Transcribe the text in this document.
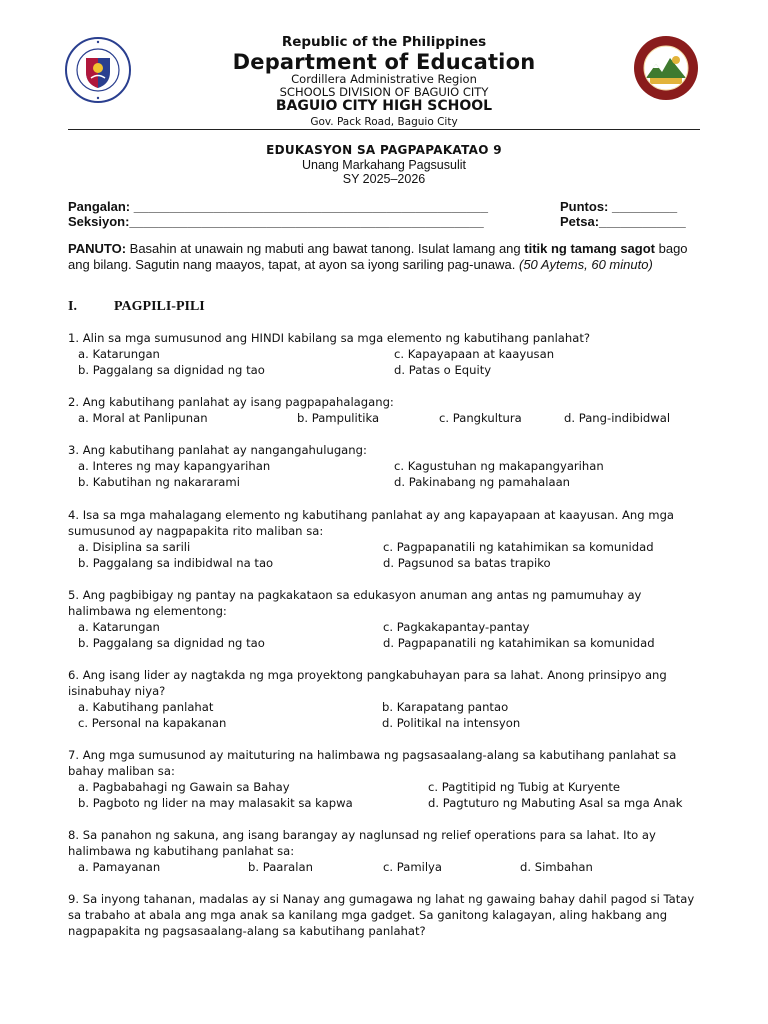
Republic of the Philippines
Department of Education
Cordillera Administrative Region
SCHOOLS DIVISION OF BAGUIO CITY
BAGUIO CITY HIGH SCHOOL
Gov. Pack Road, Baguio City
EDUKASYON SA PAGPAPAKATAO 9
Unang Markahang Pagsusulit
SY 2025–2026
Pangalan: _________________________________________________
Seksiyon:_________________________________________________
Puntos: _________
Petsa:____________
PANUTO: Basahin at unawain ng mabuti ang bawat tanong. Isulat lamang ang titik ng tamang sagot bago ang bilang. Sagutin nang maayos, tapat, at ayon sa iyong sariling pag-unawa. (50 Aytems, 60 minuto)
I.	PAGPILI-PILI
1. Alin sa mga sumusunod ang HINDI kabilang sa mga elemento ng kabutihang panlahat?
a. Katarungan	c. Kapayapaan at kaayusan
b. Paggalang sa dignidad ng tao	d. Patas o Equity
2. Ang kabutihang panlahat ay isang pagpapahalagang:
a. Moral at Panlipunan	b. Pampulitika	c. Pangkultura	d. Pang-indibidwal
3. Ang kabutihang panlahat ay nangangahulugang:
a. Interes ng may kapangyarihan	c. Kagustuhan ng makapangyarihan
b. Kabutihan ng nakararami	d. Pakinabang ng pamahalaan
4. Isa sa mga mahalagang elemento ng kabutihang panlahat ay ang kapayapaan at kaayusan. Ang mga sumusunod ay nagpapakita rito maliban sa:
a. Disiplina sa sarili	c. Pagpapanatili ng katahimikan sa komunidad
b. Paggalang sa indibidwal na tao	d. Pagsunod sa batas trapiko
5. Ang pagbibigay ng pantay na pagkakataon sa edukasyon anuman ang antas ng pamumuhay ay halimbawa ng elementong:
a. Katarungan	c. Pagkakapantay-pantay
b. Paggalang sa dignidad ng tao	d. Pagpapanatili ng katahimikan sa komunidad
6. Ang isang lider ay nagtakda ng mga proyektong pangkabuhayan para sa lahat. Anong prinsipyo ang isinabuhay niya?
a. Kabutihang panlahat	b. Karapatang pantao
c. Personal na kapakanan	d. Politikal na intensyon
7. Ang mga sumusunod ay maituturing na halimbawa ng pagsasaalang-alang sa kabutihang panlahat sa bahay maliban sa:
a. Pagbabahagi ng Gawain sa Bahay	c. Pagtitipid ng Tubig at Kuryente
b. Pagboto ng lider na may malasakit sa kapwa	d. Pagtuturo ng Mabuting Asal sa mga Anak
8. Sa panahon ng sakuna, ang isang barangay ay naglunsad ng relief operations para sa lahat. Ito ay halimbawa ng kabutihang panlahat sa:
a. Pamayanan	b. Paaralan	c. Pamilya	d. Simbahan
9. Sa inyong tahanan, madalas ay si Nanay ang gumagawa ng lahat ng gawaing bahay dahil pagod si Tatay sa trabaho at abala ang mga anak sa kanilang mga gadget. Sa ganitong kalagayan, aling hakbang ang nagpapakita ng pagsasaalang-alang sa kabutihang panlahat?
